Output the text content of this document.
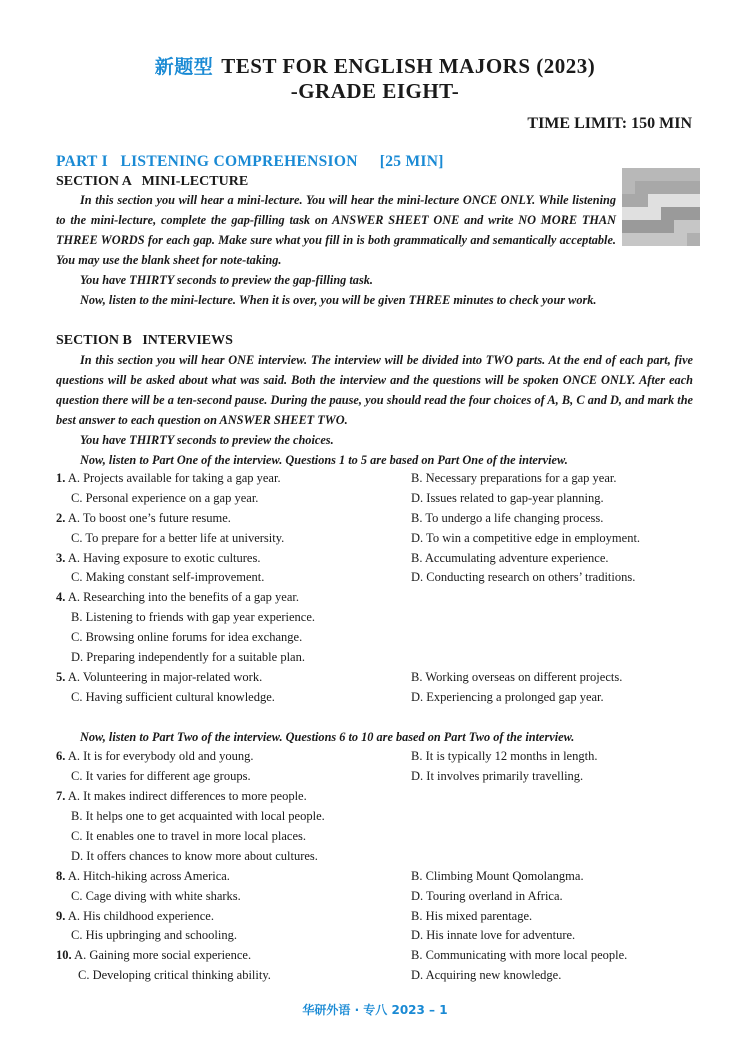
新题型 TEST FOR ENGLISH MAJORS (2023)
-GRADE EIGHT-
TIME LIMIT: 150 MIN
PART I   LISTENING COMPREHENSION [25 MIN]
SECTION A   MINI-LECTURE

In this section you will hear a mini-lecture. You will hear the mini-lecture ONCE ONLY. While listening to the mini-lecture, complete the gap-filling task on ANSWER SHEET ONE and write NO MORE THAN THREE WORDS for each gap. Make sure what you fill in is both grammatically and semantically acceptable. You may use the blank sheet for note-taking.

You have THIRTY seconds to preview the gap-filling task.

Now, listen to the mini-lecture. When it is over, you will be given THREE minutes to check your work.

SECTION B   INTERVIEWS

In this section you will hear ONE interview. The interview will be divided into TWO parts. At the end of each part, five questions will be asked about what was said. Both the interview and the questions will be spoken ONCE ONLY. After each question there will be a ten-second pause. During the pause, you should read the four choices of A, B, C and D, and mark the best answer to each question on ANSWER SHEET TWO.

You have THIRTY seconds to preview the choices.

Now, listen to Part One of the interview. Questions 1 to 5 are based on Part One of the interview.

1. A. Projects available for taking a gap year.	B. Necessary preparations for a gap year.
C. Personal experience on a gap year.	D. Issues related to gap-year planning.
2. A. To boost one’s future resume.	B. To undergo a life changing process.
C. To prepare for a better life at university.	D. To win a competitive edge in employment.
3. A. Having exposure to exotic cultures.	B. Accumulating adventure experience.
C. Making constant self-improvement.	D. Conducting research on others’ traditions.
4. A. Researching into the benefits of a gap year.
B. Listening to friends with gap year experience.
C. Browsing online forums for idea exchange.
D. Preparing independently for a suitable plan.
5. A. Volunteering in major-related work.	B. Working overseas on different projects.
C. Having sufficient cultural knowledge.	D. Experiencing a prolonged gap year.
Now, listen to Part Two of the interview. Questions 6 to 10 are based on Part Two of the interview.
6. A. It is for everybody old and young.	B. It is typically 12 months in length.
C. It varies for different age groups.	D. It involves primarily travelling.
7. A. It makes indirect differences to more people.
B. It helps one to get acquainted with local people.
C. It enables one to travel in more local places.
D. It offers chances to know more about cultures.
8. A. Hitch-hiking across America.	B. Climbing Mount Qomolangma.
C. Cage diving with white sharks.	D. Touring overland in Africa.
9. A. His childhood experience.	B. His mixed parentage.
C. His upbringing and schooling.	D. His innate love for adventure.
10. A. Gaining more social experience.	B. Communicating with more local people.
C. Developing critical thinking ability.	D. Acquiring new knowledge.
华研外语 · 专八 2023 – 1
